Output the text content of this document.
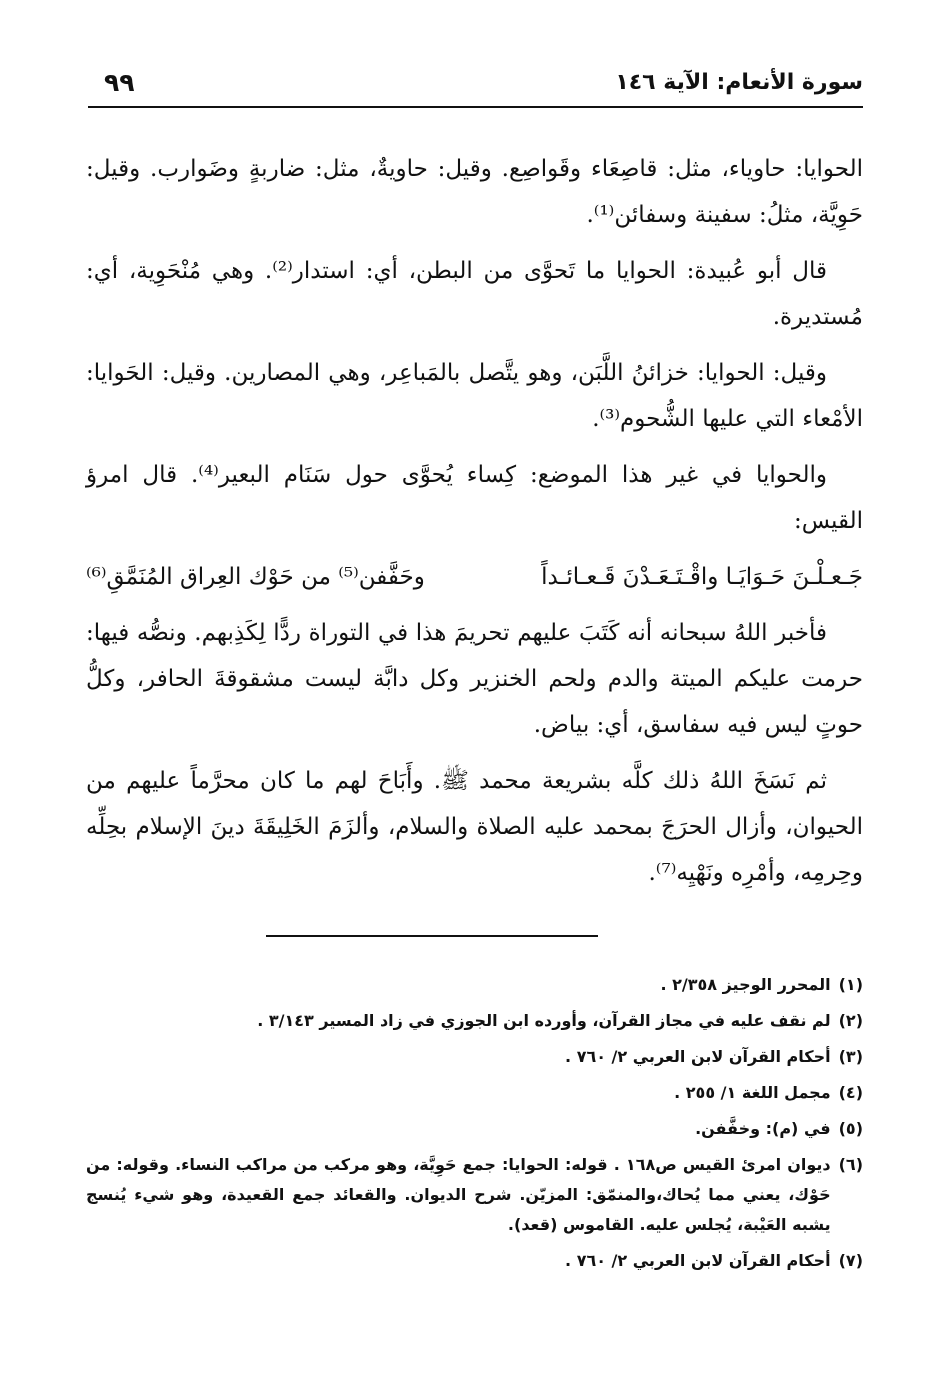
سورة الأنعام: الآية ١٤٦
٩٩

الحوايا: حاوياء، مثل: قاصِعَاء وقَواصِع. وقيل: حاويةٌ، مثل: ضاربةٍ وضَوارب. وقيل: حَوِيَّة، مثلُ: سفينة وسفائن⁽¹⁾.

قال أبو عُبيدة: الحوايا ما تَحوَّى من البطن، أي: استدار⁽²⁾. وهي مُنْحَوِية، أي: مُستديرة.

وقيل: الحوايا: خزائنُ اللَّبَن، وهو يتَّصل بالمَباعِر، وهي المصارين. وقيل: الحَوايا: الأمْعاء التي عليها الشُّحوم⁽³⁾.

والحوايا في غير هذا الموضع: كِساء يُحوَّى حول سَنَام البعير⁽⁴⁾. قال امرؤ القيس:

جَـعـلْـنَ حَـوَايَـا واقْـتَـعَـدْنَ قَـعـائـداً
وحَفَّفن⁽⁵⁾ من حَوْك العِراق المُنَمَّقِ⁽⁶⁾

فأخبر اللهُ سبحانه أنه كَتَبَ عليهم تحريمَ هذا في التوراة ردًّا لِكَذِبهم. ونصُّه فيها: حرمت عليكم الميتة والدم ولحم الخنزير وكل دابَّة ليست مشقوقةَ الحافر، وكلُّ حوتٍ ليس فيه سفاسق، أي: بياض.

ثم نَسَخَ اللهُ ذلك كلَّه بشريعة محمد ﷺ. وأَبَاحَ لهم ما كان محرَّماً عليهم من الحيوان، وأزال الحرَجَ بمحمد عليه الصلاة والسلام، وألزَمَ الخَلِيقَةَ دينَ الإسلام بحِلِّه وحِرمِه، وأمْرِه ونَهْيِه⁽⁷⁾.

(١)
المحرر الوجيز ٢/٣٥٨ .
(٢)
لم نقف عليه في مجاز القرآن، وأورده ابن الجوزي في زاد المسير ٣/١٤٣ .
(٣)
أحكام القرآن لابن العربي ٢/ ٧٦٠ .
(٤)
مجمل اللغة ١/ ٢٥٥ .
(٥)
في (م): وخفَّفن.
(٦)
ديوان امرئ القيس ص١٦٨ . قوله: الحوايا: جمع حَوِيَّة، وهو مركب من مراكب النساء. وقوله: من حَوْك، يعني مما يُحاك،والمنمّق: المزيّن. شرح الديوان. والقعائد جمع القعيدة، وهو شيء يُنسج يشبه العَيْبة، يُجلس عليه. القاموس (قعد).
(٧)
أحكام القرآن لابن العربي ٢/ ٧٦٠ .
